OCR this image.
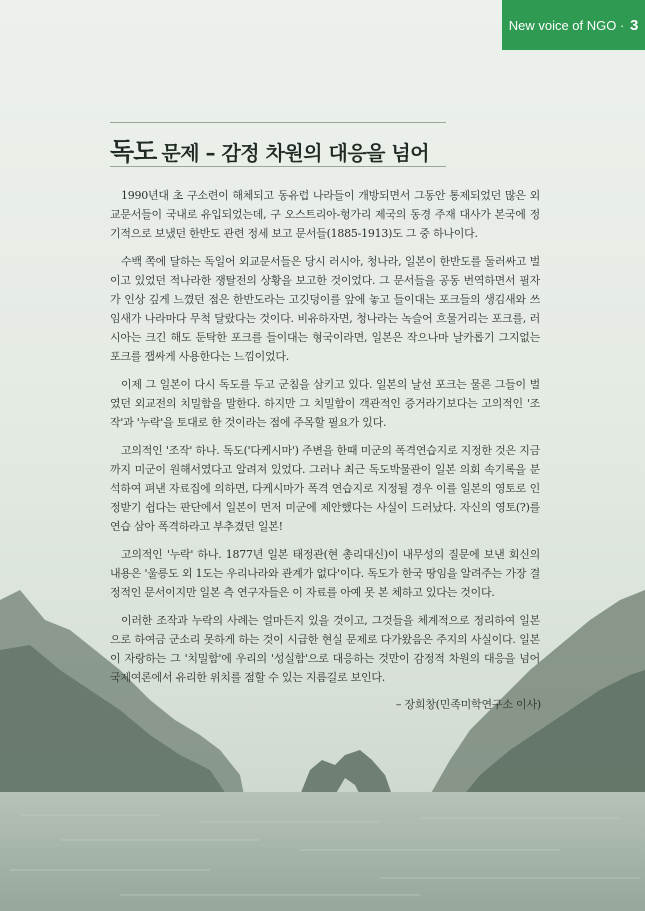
New voice of NGO · 3
독도 문제 – 감정 차원의 대응을 넘어

1990년대 초 구소련이 해체되고 동유럽 나라들이 개방되면서 그동안 통제되었던 많은 외교문서들이 국내로 유입되었는데, 구 오스트리아-헝가리 제국의 동경 주재 대사가 본국에 정기적으로 보냈던 한반도 관련 정세 보고 문서들(1885-1913)도 그 중 하나이다.

수백 쪽에 달하는 독일어 외교문서들은 당시 러시아, 청나라, 일본이 한반도를 둘러싸고 벌이고 있었던 적나라한 쟁탈전의 상황을 보고한 것이었다. 그 문서들을 공동 번역하면서 필자가 인상 깊게 느꼈던 점은 한반도라는 고깃덩이를 앞에 놓고 들이대는 포크들의 생김새와 쓰임새가 나라마다 무척 달랐다는 것이다. 비유하자면, 청나라는 녹슬어 흐물거리는 포크를, 러시아는 크긴 해도 둔탁한 포크를 들이대는 형국이라면, 일본은 작으나마 날카롭기 그지없는 포크를 잽싸게 사용한다는 느낌이었다.

이제 그 일본이 다시 독도를 두고 군침을 삼키고 있다. 일본의 날선 포크는 물론 그들이 벌였던 외교전의 치밀함을 말한다. 하지만 그 치밀함이 객관적인 증거라기보다는 고의적인 '조작'과 '누락'을 토대로 한 것이라는 점에 주목할 필요가 있다.

고의적인 '조작' 하나. 독도('다케시마') 주변을 한때 미군의 폭격연습지로 지정한 것은 지금까지 미군이 원해서였다고 알려져 있었다. 그러나 최근 독도박물관이 일본 의회 속기록을 분석하여 펴낸 자료집에 의하면, 다케시마가 폭격 연습지로 지정될 경우 이를 일본의 영토로 인정받기 쉽다는 판단에서 일본이 먼저 미군에 제안했다는 사실이 드러났다. 자신의 영토(?)를 연습 삼아 폭격하라고 부추겼던 일본!

고의적인 '누락' 하나. 1877년 일본 태정관(현 총리대신)이 내무성의 질문에 보낸 회신의 내용은 '울릉도 외 1도는 우리나라와 관계가 없다'이다. 독도가 한국 땅임을 알려주는 가장 결정적인 문서이지만 일본 측 연구자들은 이 자료를 아예 못 본 체하고 있다는 것이다.

이러한 조작과 누락의 사례는 얼마든지 있을 것이고, 그것들을 체계적으로 정리하여 일본으로 하여금 군소리 못하게 하는 것이 시급한 현실 문제로 다가왔음은 주지의 사실이다. 일본이 자랑하는 그 '치밀함'에 우리의 '성실함'으로 대응하는 것만이 감정적 차원의 대응을 넘어 국제여론에서 유리한 위치를 점할 수 있는 지름길로 보인다.

– 장희창(민족미학연구소 이사)
